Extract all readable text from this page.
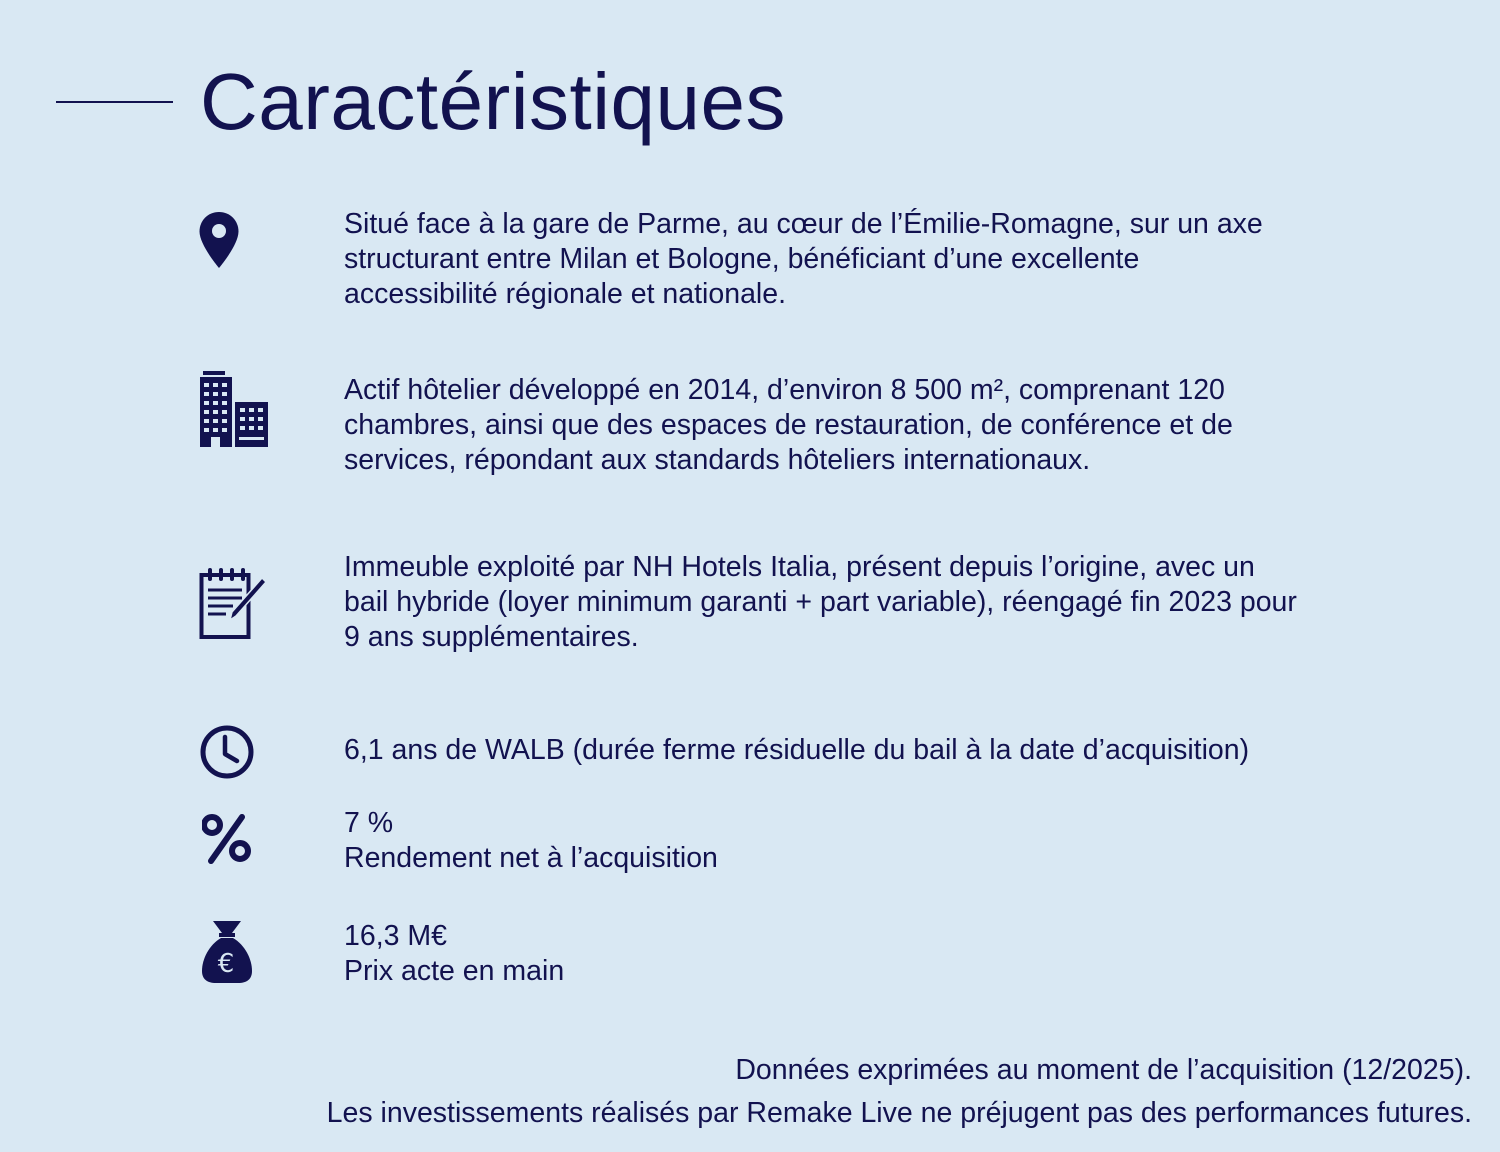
Caractéristiques
Situé face à la gare de Parme, au cœur de l’Émilie-Romagne, sur un axe
structurant entre Milan et Bologne, bénéficiant d’une excellente
accessibilité régionale et nationale.
Actif hôtelier développé en 2014, d’environ 8 500 m², comprenant 120
chambres, ainsi que des espaces de restauration, de conférence et de
services, répondant aux standards hôteliers internationaux.
Immeuble exploité par NH Hotels Italia, présent depuis l’origine, avec un
bail hybride (loyer minimum garanti + part variable), réengagé fin 2023 pour
9 ans supplémentaires.
6,1 ans de WALB (durée ferme résiduelle du bail à la date d’acquisition)
7 %
Rendement net à l’acquisition
€
16,3 M€
Prix acte en main

Données exprimées au moment de l’acquisition (12/2025).

Les investissements réalisés par Remake Live ne préjugent pas des performances futures.
